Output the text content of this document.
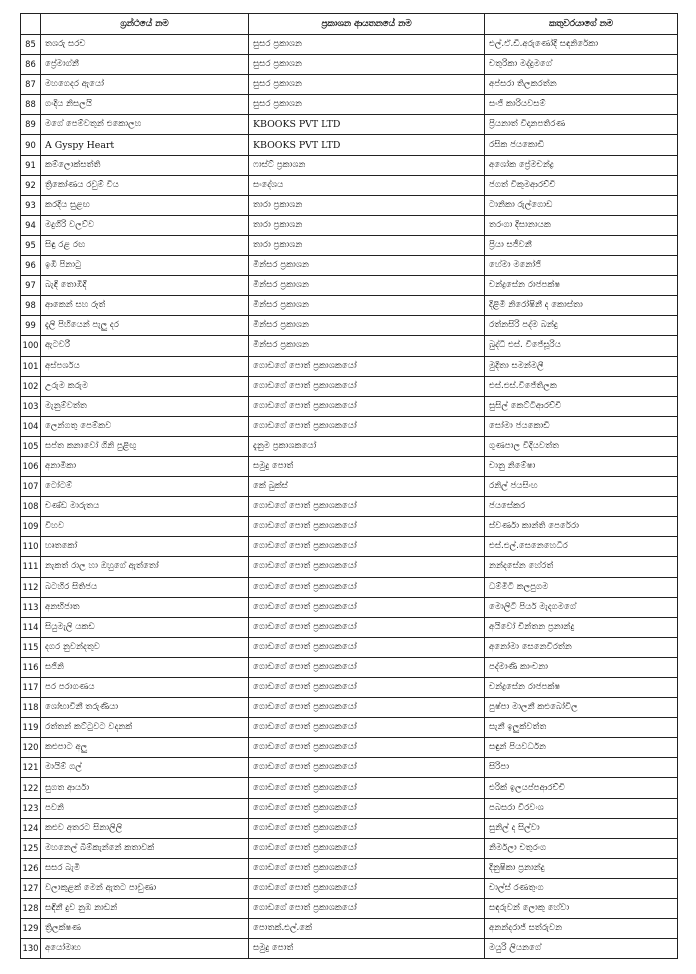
	ග්‍රන්ථයේ නම	ප්‍රකාශන ආයතනයේ නම	කතුවරයාගේ නම
85	තශරු සරච	සුසර ප්‍රකාශන	එල්.ඒ.ඩී.අරුණෝදි සඳනිරේකා
86	ප්‍රේමාග්නී	සුසර ප්‍රකාශන	චතුරිකා මද්දුමගේ
87	මහගෙදර ඇයෝ	සුසර ප්‍රකාශන	අප්සරා තිලකරත්න
88	ගංදිය නිසලයි	සුසර ප්‍රකාශන	සංජි කාරියවසම්
89	මගේ පෙම්වතුන් එකොලහ	KBOOKS PVT LTD	ප්‍රියනාත් විදානපතිරණ
90	A Gyspy Heart	KBOOKS PVT LTD	රසික ජයකොඩි
91	කම්ලොක්සත්ති	ෆාස්ට් ප්‍රකාශන	අශෝක ප්‍රේමචන්ද්‍ර
92	ත්‍රිකෝණය රවුම් විය	සංදේශය	ජගත් විකුමආරච්චි
93	කරදිය සුළඟ	තාරා ප්‍රකාශන	ටානිකා රුල්ගොඩ
94	මදුගිරි වලව්ව	තාරා ප්‍රකාශන	තරංගා දිසානායක
95	සිඳු රළ රඟ	තාරා ප්‍රකාශන	ප්‍රියා සජීවනී
96	ඉඹි පිනාටු	මින්සර ප්‍රකාශන	හේමා මනෝජි
97	බැඳි තොඹිදී	මින්සර ප්‍රකාශන	චන්ද්‍රසේන රාජපක්ෂ
98	ආකෙන් සහ රූත්	මින්සර ප්‍රකාශන	දිළිමි නිරෝෂිනී ද කොස්තා
99	දැලි පිහියෙන් පැලු දර	මින්සර ප්‍රකාශන	රත්නසිරි පද්ම බන්දු
100	ඇටවරී	මින්සර ප්‍රකාශන	බුද්ධි එස්. වීජේසූරිය
101	අස්පර්ශය	ගොඩගේ පොත් ප්‍රකාශකයෝ	මුදිතා සමන්මලී
102	උරුම කරුම	ගොඩගේ පොත් ප්‍රකාශකයෝ	එස්.එස්.වීජේතිලක
103	මැනුම්වත්ත	ගොඩගේ පොත් ප්‍රකාශකයෝ	සුසිල් කෙට්ටිආරච්චි
104	ලෙන්ගතු පෙම්කව	ගොඩගේ පොත් ප්‍රකාශකයෝ	සෝමා ජයකොඩි
105	සප්ත කනාවෝ ගිනි පුළිඟු	දැනුම ප්‍රකාශකයෝ	ගුණපාල වීදියවත්ත
106	අනාමිකා	සමුදු පොත්	චානු නිමේෂා
107	ටෝටම්	කේ බුක්ස්	රනිල් ජයසිංහ
108	චණ්ඩ මාරුතය	ගොඩගේ පොත් ප්‍රකාශකයෝ	ජයසේකර
109	විහව	ගොඩගේ පොත් ප්‍රකාශකයෝ	ස්වර්ණා කාන්ති පෙරේරා
110	හෘතකෝ	ගොඩගේ පොත් ප්‍රකාශකයෝ	එස්.එල්.සෙනෙහෙධීර
111	නැකත් රාල හා ඔහුගේ ඇත්තෝ	ගොඩගේ පොත් ප්‍රකාශකයෝ	නන්දසේන හේරත්
112	බටහිර සිතිජය	ගොඩගේ පොත් ප්‍රකාශකයෝ	ධම්මිටී කලපුගම
113	අනභිජාත	ගොඩගේ පොත් ප්‍රකාශකයෝ	මොලිටී පියර් මැදගමගේ
114	සියුමැලි යකඩ	ගොඩගේ පොත් ප්‍රකාශකයෝ	අයිවෝ චින්තන ප්‍රනාන්දු
115	දගර නුවන්දතුව	ගොඩගේ පොත් ප්‍රකාශකයෝ	අනෝමා සෙනෙවිරත්න
116	සජිනි	ගොඩගේ පොත් ප්‍රකාශකයෝ	පද්මාණි කාංචනා
117	පර පරාගණය	ගොඩගේ පොත් ප්‍රකාශකයෝ	චන්ද්‍රසේන රාජපක්ෂ
118	ශෝභාවිනී තරුණියා	ගොඩගේ පොත් ප්‍රකාශකයෝ	පුෂ්පා මාලනී කළුබෝවිල
119	රත්තන් කට්ටුවට වදනක්	ගොඩගේ පොත් ප්‍රකාශකයෝ	සැනී ඉලුක්වත්ත
120	කළුපාට අලු	ගොඩගේ පොත් ප්‍රකාශකයෝ	සඳුන් පියවර්ධන
121	මායිම් ගල්	ගොඩගේ පොත් ප්‍රකාශකයෝ	සිරිපා
122	සුගත ආර්යා	ගොඩගේ පොත් ප්‍රකාශකයෝ	එරික් ඉලයප්පආරච්චි
123	පවනි	ගොඩගේ පොත් ප්‍රකාශකයෝ	පබසරා වීරවංශ
124	කළුව අතරට සිනාලිලි	ගොඩගේ පොත් ප්‍රකාශකයෝ	සුනිල් ද සිල්වා
125	මහනෙල් බිම්කැන්නේ කතාවක්	ගොඩගේ පොත් ප්‍රකාශකයෝ	නිර්මලා චතුරංග
126	සසර බැමි	ගොඩගේ පොත් ප්‍රකාශකයෝ	දිනුෂිකා ප්‍රනාන්දු
127	වලාකුළක් මෙන් ඇතට පාවුණා	ගොඩගේ පොත් ප්‍රකාශකයෝ	චාල්ස් රණතුංග
128	සඳිනී දුව නුඹ නාඩන්	ගොඩගේ පොත් ප්‍රකාශකයෝ	සඳරුවන් ලොකු හේවා
129	ත්‍රිලක්ෂණ	පොතක්.එල්.කේ	අනන්දරාජ් සත්රුවන
130	අයෝමෘහ	සමුදු පොත්	මයුරි ලියනගේ
